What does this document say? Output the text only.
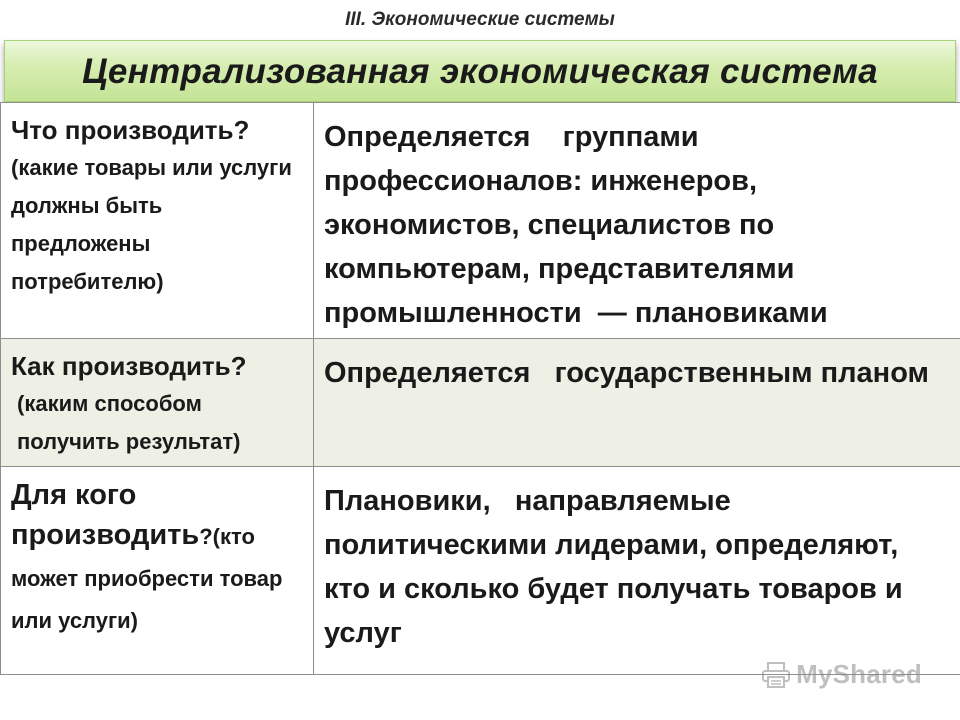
III. Экономические системы
Централизованная экономическая система
Что производить?
(какие товары или услуги должны быть предложены потребителю)	Определяется    группами профессионалов: инженеров, экономистов, специалистов по компьютерам, представителями промышленности  — плановиками

Как производить?
(каким способом получить результат)	Определяется   государственным планом
Для кого производить?(кто может приобрести товар или услуги)	Плановики,   направляемые политическими лидерами, определяют, кто и сколько будет получать товаров и услуг
MyShared
